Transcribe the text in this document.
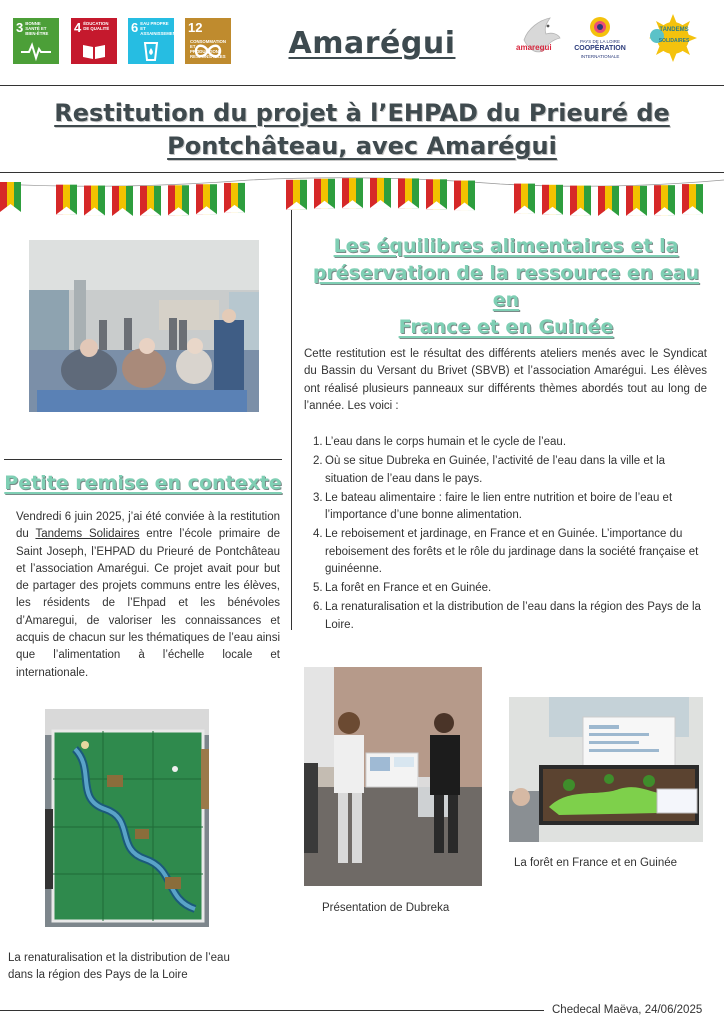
3 BONNE SANTÉ ET BIEN-ÊTRE	4 ÉDUCATION DE QUALITÉ	6 EAU PROPRE ET ASSAINISSEMENT 12CONSOMMATION ET PRODUCTION RESPONSABLES	Amarégui	amaregui
PAYS DE LA LOIRE
COOPÉRATION
INTERNATIONALE
TANDEMS
SOLIDAIRES
Restitution du projet à l’EHPAD du Prieuré de
Pontchâteau, avec Amarégui
Petite remise en contexte
Vendredi 6 juin 2025, j’ai été conviée à la restitution du Tandems Solidaires entre l’école primaire de Saint Joseph, l’EHPAD du Prieuré de Pontchâteau et l’association Amarégui. Ce projet avait pour but de partager des projets communs entre les élèves, les résidents de l’Ehpad et les bénévoles d’Amaregui, de valoriser les connaissances et acquis de chacun sur les thématiques de l’eau ainsi que l’alimentation à l’échelle locale et internationale.
La renaturalisation et la distribution de l’eau dans la région des Pays de la Loire
Les équilibres alimentaires et la
préservation de la ressource en eau en
France et en Guinée
Cette restitution est le résultat des différents ateliers menés avec le Syndicat du Bassin du Versant du Brivet (SBVB) et l’association Amarégui. Les élèves ont réalisé plusieurs panneaux sur différents thèmes abordés tout au long de l’année. Les voici :
1. L’eau dans le corps humain et le cycle de l’eau.
2. Où se situe Dubreka en Guinée, l’activité de l’eau dans la ville et la situation de l’eau dans le pays.
3. Le bateau alimentaire : faire le lien entre nutrition et boire de l’eau et l’importance d’une bonne alimentation.
4. Le reboisement et jardinage, en France et en Guinée. L’importance du reboisement des forêts et le rôle du jardinage dans la société française et guinéenne.
5. La forêt en France et en Guinée.
6. La renaturalisation et la distribution de l’eau dans la région des Pays de la Loire.
Présentation de Dubreka
La forêt en France et en Guinée
Chedecal Maëva, 24/06/2025
